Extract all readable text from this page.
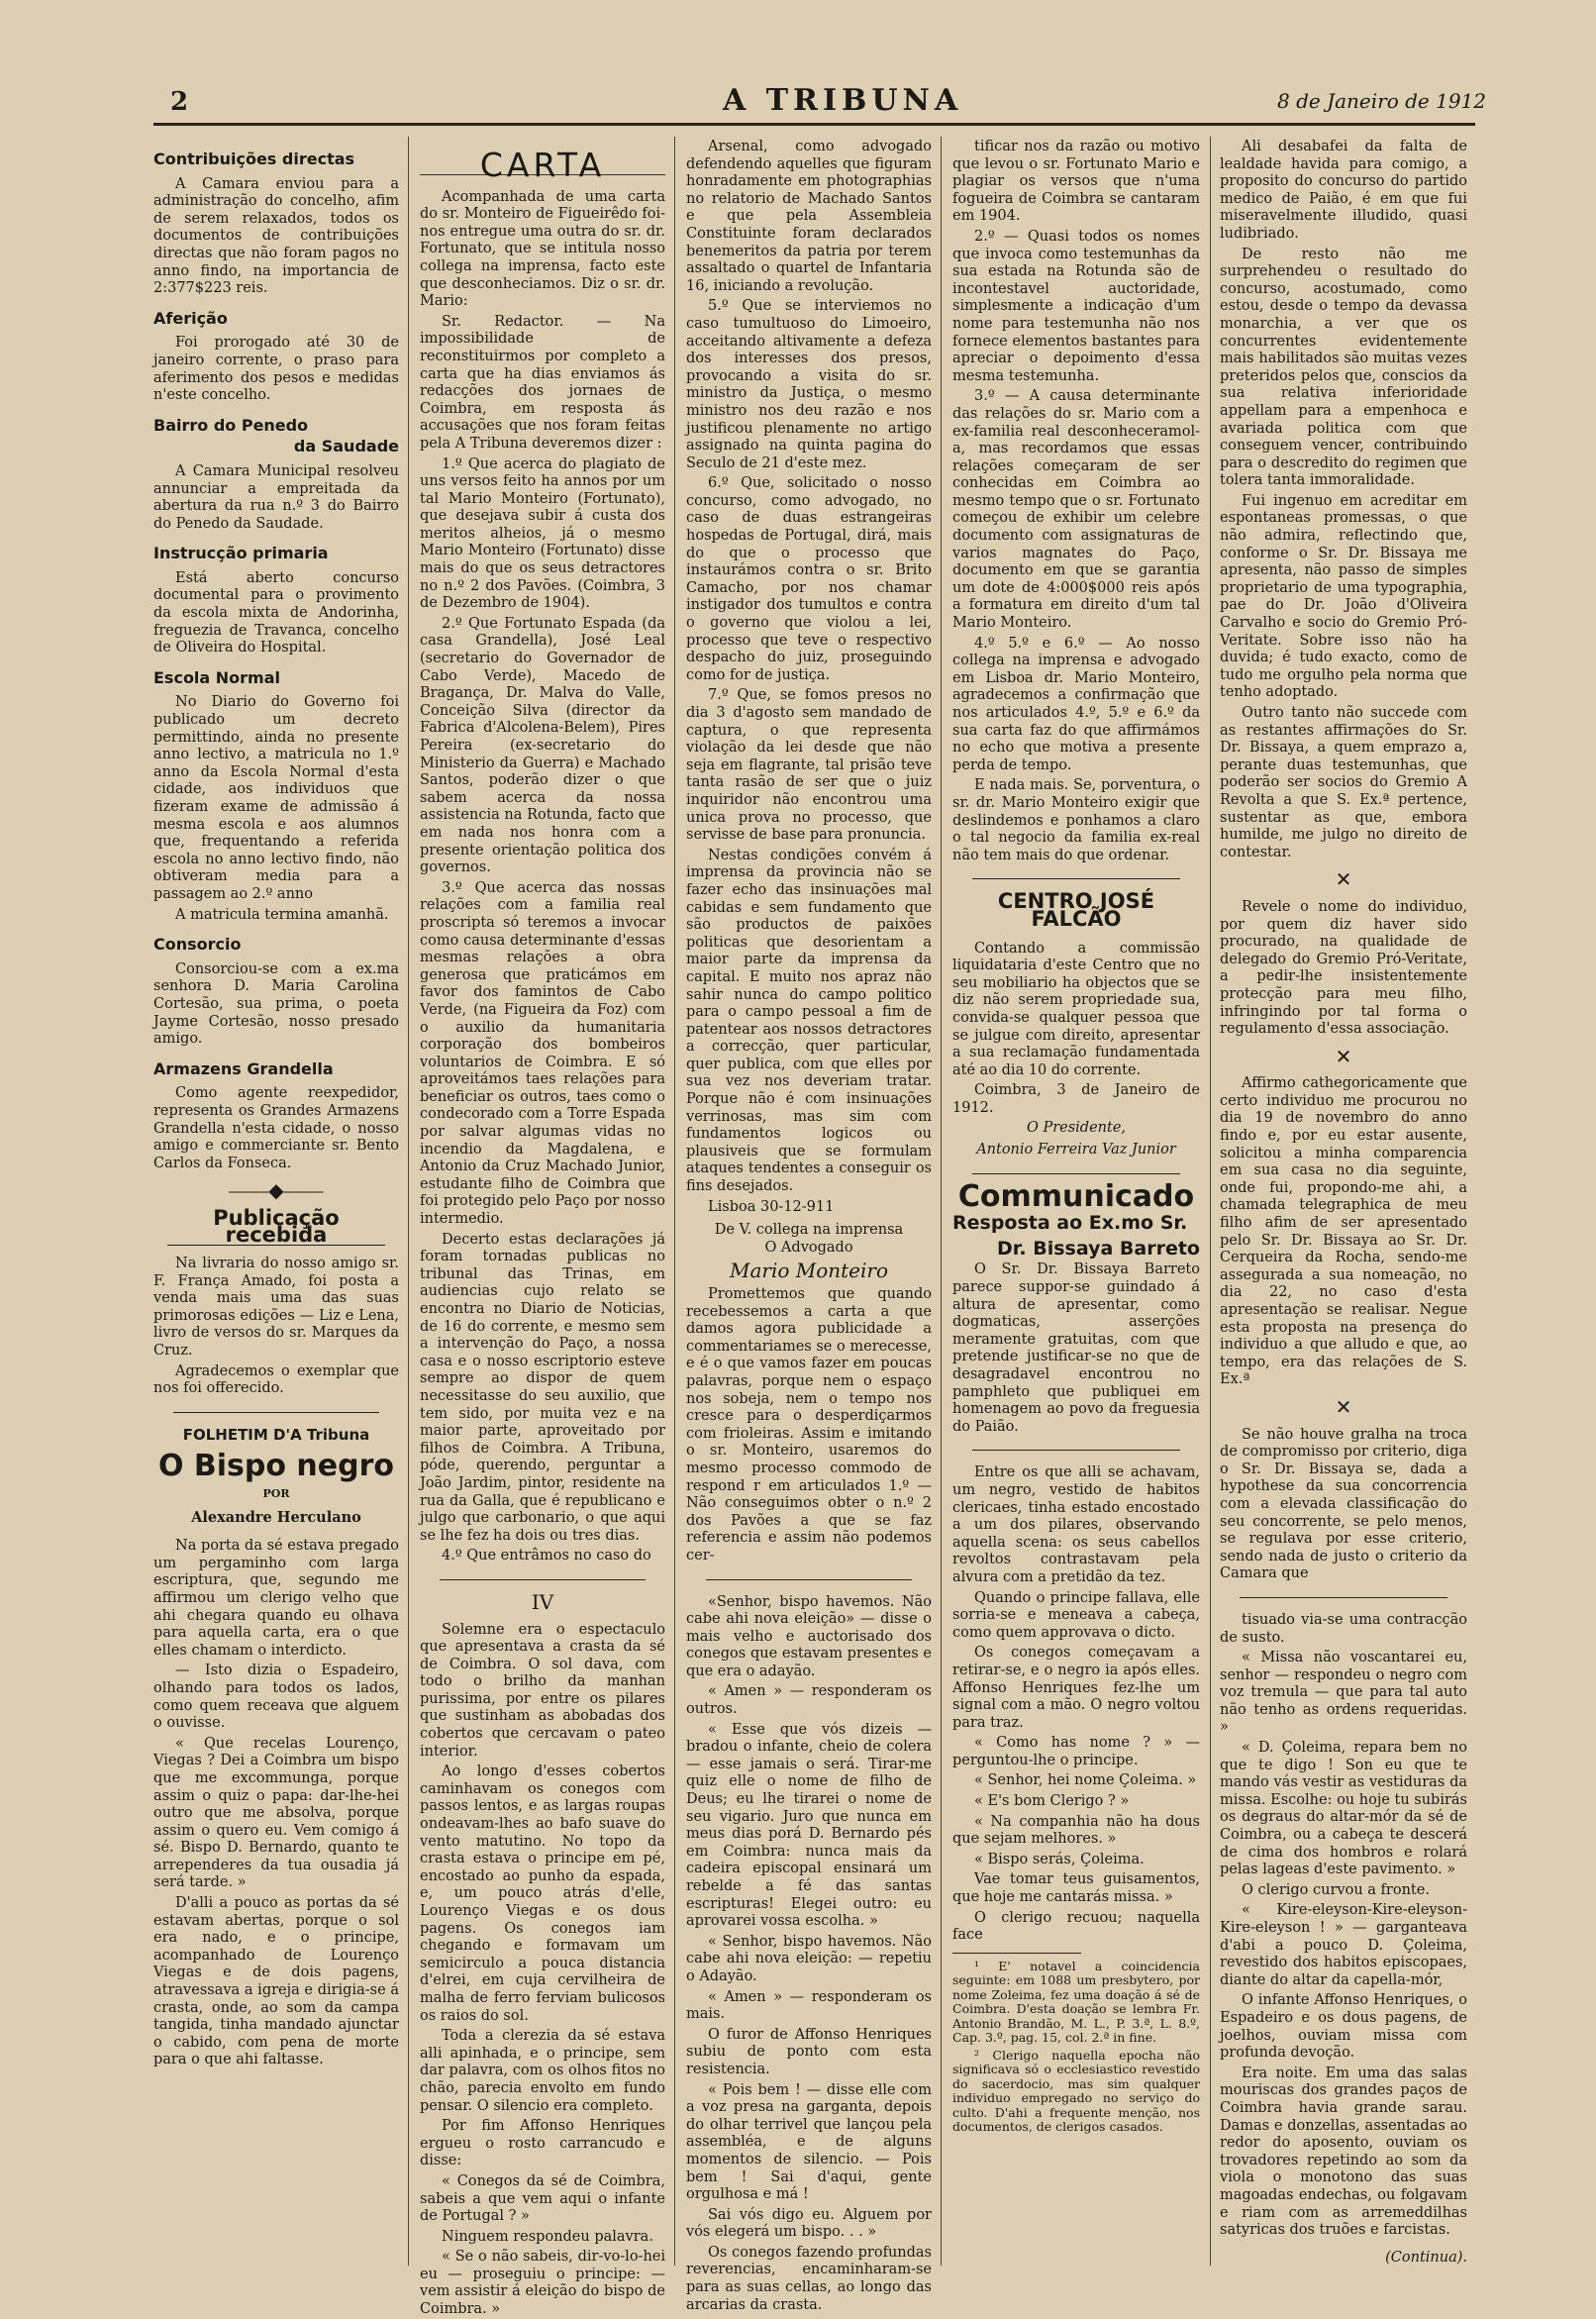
2	A TRIBUNA	8 de Janeiro de 1912
Contribuições directas

A Camara enviou para a administração do concelho, afim de serem relaxados, todos os documentos de contribuições directas que não foram pagos no anno findo, na importancia de 2:377$223 reis.

Aferição

Foi prorogado até 30 de janeiro corrente, o praso para aferimento dos pesos e medidas n'este concelho.

Bairro do Penedo
da Saudade

A Camara Municipal resolveu annunciar a empreitada da abertura da rua n.º 3 do Bairro do Penedo da Saudade.

Instrucção primaria

Está aberto concurso documental para o provimento da escola mixta de Andorinha, freguezia de Travanca, concelho de Oliveira do Hospital.

Escola Normal

No Diario do Governo foi publicado um decreto permittindo, ainda no presente anno lectivo, a matricula no 1.º anno da Escola Normal d'esta cidade, aos individuos que fizeram exame de admissão á mesma escola e aos alumnos que, frequentando a referida escola no anno lectivo findo, não obtiveram media para a passagem ao 2.º anno

A matricula termina amanhã.

Consorcio

Consorciou-se com a ex.ma senhora D. Maria Carolina Cortesão, sua prima, o poeta Jayme Cortesão, nosso presado amigo.

Armazens Grandella

Como agente reexpedidor, representa os Grandes Armazens Grandella n'esta cidade, o nosso amigo e commerciante sr. Bento Carlos da Fonseca.

⎯⎯⎯⎯◆⎯⎯⎯⎯
Publicação recebida

Na livraria do nosso amigo sr. F. França Amado, foi posta a venda mais uma das suas primorosas edições — Liz e Lena, livro de versos do sr. Marques da Cruz.

Agradecemos o exemplar que nos foi offerecido.

FOLHETIM D'A Tribuna
O Bispo negro
POR
Alexandre Herculano

Na porta da sé estava pregado um pergaminho com larga escriptura, que, segundo me affirmou um clerigo velho que ahi chegara quando eu olhava para aquella carta, era o que elles chamam o interdicto.

— Isto dizia o Espadeiro, olhando para todos os lados, como quem receava que alguem o ouvisse.

« Que recelas Lourenço, Viegas ? Dei a Coimbra um bispo que me excommunga, porque assim o quiz o papa: dar-lhe-hei outro que me absolva, porque assim o quero eu. Vem comigo á sé. Bispo D. Bernardo, quanto te arrependeres da tua ousadia já será tarde. »

D'alli a pouco as portas da sé estavam abertas, porque o sol era nado, e o principe, acompanhado de Lourenço Viegas e de dois pagens, atravessava a igreja e dirigia-se á crasta, onde, ao som da campa tangida, tinha mandado ajunctar o cabido, com pena de morte para o que ahi faltasse.

CARTA

Acompanhada de uma carta do sr. Monteiro de Figueirêdo foi-nos entregue uma outra do sr. dr. Fortunato, que se intitula nosso collega na imprensa, facto este que desconheciamos. Diz o sr. dr. Mario:

Sr. Redactor. — Na impossibilidade de reconstituirmos por completo a carta que ha dias enviamos ás redacções dos jornaes de Coimbra, em resposta ás accusações que nos foram feitas pela A Tribuna deveremos dizer :

1.º Que acerca do plagiato de uns versos feito ha annos por um tal Mario Monteiro (Fortunato), que desejava subir á custa dos meritos alheios, já o mesmo Mario Monteiro (Fortunato) disse mais do que os seus detractores no n.º 2 dos Pavões. (Coimbra, 3 de Dezembro de 1904).

2.º Que Fortunato Espada (da casa Grandella), José Leal (secretario do Governador de Cabo Verde), Macedo de Bragança, Dr. Malva do Valle, Conceição Silva (director da Fabrica d'Alcolena-Belem), Pires Pereira (ex-secretario do Ministerio da Guerra) e Machado Santos, poderão dizer o que sabem acerca da nossa assistencia na Rotunda, facto que em nada nos honra com a presente orientação politica dos governos.

3.º Que acerca das nossas relações com a familia real proscripta só teremos a invocar como causa determinante d'essas mesmas relações a obra generosa que praticámos em favor dos famintos de Cabo Verde, (na Figueira da Foz) com o auxilio da humanitaria corporação dos bombeiros voluntarios de Coimbra. E só aproveitámos taes relações para beneficiar os outros, taes como o condecorado com a Torre Espada por salvar algumas vidas no incendio da Magdalena, e Antonio da Cruz Machado Junior, estudante filho de Coimbra que foi protegido pelo Paço por nosso intermedio.

Decerto estas declarações já foram tornadas publicas no tribunal das Trinas, em audiencias cujo relato se encontra no Diario de Noticias, de 16 do corrente, e mesmo sem a intervenção do Paço, a nossa casa e o nosso escriptorio esteve sempre ao dispor de quem necessitasse do seu auxilio, que tem sido, por muita vez e na maior parte, aproveitado por filhos de Coimbra. A Tribuna, póde, querendo, perguntar a João Jardim, pintor, residente na rua da Galla, que é republicano e julgo que carbonario, o que aqui se lhe fez ha dois ou tres dias.

4.º Que entrâmos no caso do

IV

Solemne era o espectaculo que apresentava a crasta da sé de Coimbra. O sol dava, com todo o brilho da manhan purissima, por entre os pilares que sustinham as abobadas dos cobertos que cercavam o pateo interior.

Ao longo d'esses cobertos caminhavam os conegos com passos lentos, e as largas roupas ondeavam-lhes ao bafo suave do vento matutino. No topo da crasta estava o principe em pé, encostado ao punho da espada, e, um pouco atrás d'elle, Lourenço Viegas e os dous pagens. Os conegos iam chegando e formavam um semicirculo a pouca distancia d'elrei, em cuja cervilheira de malha de ferro ferviam bulicosos os raios do sol.

Toda a clerezia da sé estava alli apinhada, e o principe, sem dar palavra, com os olhos fitos no chão, parecia envolto em fundo pensar. O silencio era completo.

Por fim Affonso Henriques ergueu o rosto carrancudo e disse:

« Conegos da sé de Coimbra, sabeis a que vem aqui o infante de Portugal ? »

Ninguem respondeu palavra.

« Se o não sabeis, dir-vo-lo-hei eu — proseguiu o principe: — vem assistir á eleição do bispo de Coimbra. »

Arsenal, como advogado defendendo aquelles que figuram honradamente em photographias no relatorio de Machado Santos e que pela Assembleia Constituinte foram declarados benemeritos da patria por terem assaltado o quartel de Infantaria 16, iniciando a revolução.

5.º Que se interviemos no caso tumultuoso do Limoeiro, acceitando altivamente a defeza dos interesses dos presos, provocando a visita do sr. ministro da Justiça, o mesmo ministro nos deu razão e nos justificou plenamente no artigo assignado na quinta pagina do Seculo de 21 d'este mez.

6.º Que, solicitado o nosso concurso, como advogado, no caso de duas estrangeiras hospedas de Portugal, dirá, mais do que o processo que instaurámos contra o sr. Brito Camacho, por nos chamar instigador dos tumultos e contra o governo que violou a lei, processo que teve o respectivo despacho do juiz, proseguindo como for de justiça.

7.º Que, se fomos presos no dia 3 d'agosto sem mandado de captura, o que representa violação da lei desde que não seja em flagrante, tal prisão teve tanta rasão de ser que o juiz inquiridor não encontrou uma unica prova no processo, que servisse de base para pronuncia.

Nestas condições convém á imprensa da provincia não se fazer echo das insinuações mal cabidas e sem fundamento que são productos de paixões politicas que desorientam a maior parte da imprensa da capital. E muito nos apraz não sahir nunca do campo politico para o campo pessoal a fim de patentear aos nossos detractores a correcção, quer particular, quer publica, com que elles por sua vez nos deveriam tratar. Porque não é com insinuações verrinosas, mas sim com fundamentos logicos ou plausiveis que se formulam ataques tendentes a conseguir os fins desejados.

Lisboa 30-12-911

De V. collega na imprensa
O Advogado
Mario Monteiro

Promettemos que quando recebessemos a carta a que damos agora publicidade a commentariames se o merecesse, e é o que vamos fazer em poucas palavras, porque nem o espaço nos sobeja, nem o tempo nos cresce para o desperdiçarmos com frioleiras. Assim e imitando o sr. Monteiro, usaremos do mesmo processo commodo de respond r em articulados 1.º — Não conseguimos obter o n.º 2 dos Pavões a que se faz referencia e assim não podemos cer-

«Senhor, bispo havemos. Não cabe ahi nova eleição» — disse o mais velho e auctorisado dos conegos que estavam presentes e que era o adayão.

« Amen » — responderam os outros.

« Esse que vós dizeis — bradou o infante, cheio de colera — esse jamais o será. Tirar-me quiz elle o nome de filho de Deus; eu lhe tirarei o nome de seu vigario. Juro que nunca em meus dias porá D. Bernardo pés em Coimbra: nunca mais da cadeira episcopal ensinará um rebelde a fé das santas escripturas! Elegei outro: eu aprovarei vossa escolha. »

« Senhor, bispo havemos. Não cabe ahi nova eleição: — repetiu o Adayão.

« Amen » — responderam os mais.

O furor de Affonso Henriques subiu de ponto com esta resistencia.

« Pois bem ! — disse elle com a voz presa na garganta, depois do olhar terrivel que lançou pela assembléa, e de alguns momentos de silencio. — Pois bem ! Sai d'aqui, gente orgulhosa e má !

Sai vós digo eu. Alguem por vós elegerá um bispo. . . »

Os conegos fazendo profundas reverencias, encaminharam-se para as suas cellas, ao longo das arcarias da crasta.

tificar nos da razão ou motivo que levou o sr. Fortunato Mario e plagiar os versos que n'uma fogueira de Coimbra se cantaram em 1904.

2.º — Quasi todos os nomes que invoca como testemunhas da sua estada na Rotunda são de incontestavel auctoridade, simplesmente a indicação d'um nome para testemunha não nos fornece elementos bastantes para apreciar o depoimento d'essa mesma testemunha.

3.º — A causa determinante das relações do sr. Mario com a ex-familia real desconheceramol-a, mas recordamos que essas relações começaram de ser conhecidas em Coimbra ao mesmo tempo que o sr. Fortunato começou de exhibir um celebre documento com assignaturas de varios magnates do Paço, documento em que se garantia um dote de 4:000$000 reis após a formatura em direito d'um tal Mario Monteiro.

4.º 5.º e 6.º — Ao nosso collega na imprensa e advogado em Lisboa dr. Mario Monteiro, agradecemos a confirmação que nos articulados 4.º, 5.º e 6.º da sua carta faz do que affirmámos no echo que motiva a presente perda de tempo.

E nada mais. Se, porventura, o sr. dr. Mario Monteiro exigir que deslindemos e ponhamos a claro o tal negocio da familia ex-real não tem mais do que ordenar.

CENTRO JOSÉ FALCÃO

Contando a commissão liquidataria d'este Centro que no seu mobiliario ha objectos que se diz não serem propriedade sua, convida-se qualquer pessoa que se julgue com direito, apresentar a sua reclamação fundamentada até ao dia 10 do corrente.

Coimbra, 3 de Janeiro de 1912.

O Presidente,
Antonio Ferreira Vaz Junior
Communicado
Resposta ao Ex.mo Sr.
Dr. Bissaya Barreto

O Sr. Dr. Bissaya Barreto parece suppor-se guindado á altura de apresentar, como dogmaticas, asserções meramente gratuitas, com que pretende justificar-se no que de desagradavel encontrou no pamphleto que publiquei em homenagem ao povo da freguesia do Paião.

Entre os que alli se achavam, um negro, vestido de habitos clericaes, tinha estado encostado a um dos pilares, observando aquella scena: os seus cabellos revoltos contrastavam pela alvura com a pretidão da tez.

Quando o principe fallava, elle sorria-se e meneava a cabeça, como quem approvava o dicto.

Os conegos começavam a retirar-se, e o negro ia após elles. Affonso Henriques fez-lhe um signal com a mão. O negro voltou para traz.

« Como has nome ? » — perguntou-lhe o principe.

« Senhor, hei nome Çoleima. »

« E's bom Clerigo ? »

« Na companhia não ha dous que sejam melhores. »

« Bispo serás, Çoleima.

Vae tomar teus guisamentos, que hoje me cantarás missa. »

O clerigo recuou; naquella face

¹ E' notavel a coincidencia seguinte: em 1088 um presbytero, por nome Zoleima, fez uma doação á sé de Coimbra. D'esta doação se lembra Fr. Antonio Brandão, M. L., P. 3.ª, L. 8.º, Cap. 3.º, pag. 15, col. 2.ª in fine.

² Clerigo naquella epocha não significava só o ecclesiastico revestido do sacerdocio, mas sim qualquer individuo empregado no serviço do culto. D'ahi a frequente menção, nos documentos, de clerigos casados.

Ali desabafei da falta de lealdade havida para comigo, a proposito do concurso do partido medico de Paião, é em que fui miseravelmente illudido, quasi ludibriado.

De resto não me surprehendeu o resultado do concurso, acostumado, como estou, desde o tempo da devassa monarchia, a ver que os concurrentes evidentemente mais habilitados são muitas vezes preteridos pelos que, conscios da sua relativa inferioridade appellam para a empenhoca e avariada politica com que conseguem vencer, contribuindo para o descredito do regimen que tolera tanta immoralidade.

Fui ingenuo em acreditar em espontaneas promessas, o que não admira, reflectindo que, conforme o Sr. Dr. Bissaya me apresenta, não passo de simples proprietario de uma typographia, pae do Dr. João d'Oliveira Carvalho e socio do Gremio Pró-Veritate. Sobre isso não ha duvida; é tudo exacto, como de tudo me orgulho pela norma que tenho adoptado.

Outro tanto não succede com as restantes affirmações do Sr. Dr. Bissaya, a quem emprazo a, perante duas testemunhas, que poderão ser socios do Gremio A Revolta a que S. Ex.ª pertence, sustentar as que, embora humilde, me julgo no direito de contestar.

✕

Revele o nome do individuo, por quem diz haver sido procurado, na qualidade de delegado do Gremio Pró-Veritate, a pedir-lhe insistentemente protecção para meu filho, infringindo por tal forma o regulamento d'essa associação.

✕

Affirmo cathegoricamente que certo individuo me procurou no dia 19 de novembro do anno findo e, por eu estar ausente, solicitou a minha comparencia em sua casa no dia seguinte, onde fui, propondo-me ahi, a chamada telegraphica de meu filho afim de ser apresentado pelo Sr. Dr. Bissaya ao Sr. Dr. Cerqueira da Rocha, sendo-me assegurada a sua nomeação, no dia 22, no caso d'esta apresentação se realisar. Negue esta proposta na presença do individuo a que alludo e que, ao tempo, era das relações de S. Ex.ª

✕

Se não houve gralha na troca de compromisso por criterio, diga o Sr. Dr. Bissaya se, dada a hypothese da sua concorrencia com a elevada classificação do seu concorrente, se pelo menos, se regulava por esse criterio, sendo nada de justo o criterio da Camara que

tisuado via-se uma contracção de susto.

« Missa não voscantarei eu, senhor — respondeu o negro com voz tremula — que para tal auto não tenho as ordens requeridas. »

« D. Çoleima, repara bem no que te digo ! Son eu que te mando vás vestir as vestiduras da missa. Escolhe: ou hoje tu subirás os degraus do altar-mór da sé de Coimbra, ou a cabeça te descerá de cima dos hombros e rolará pelas lageas d'este pavimento. »

O clerigo curvou a fronte.

« Kire-eleyson-Kire-eleyson-Kire-eleyson ! » — garganteava d'abi a pouco D. Çoleima, revestido dos habitos episcopaes, diante do altar da capella-mór,

O infante Affonso Henriques, o Espadeiro e os dous pagens, de joelhos, ouviam missa com profunda devoção.

Era noite. Em uma das salas mouriscas dos grandes paços de Coimbra havia grande sarau. Damas e donzellas, assentadas ao redor do aposento, ouviam os trovadores repetindo ao som da viola o monotono das suas magoadas endechas, ou folgavam e riam com as arremeddilhas satyricas dos truões e farcistas.

(Continua).
